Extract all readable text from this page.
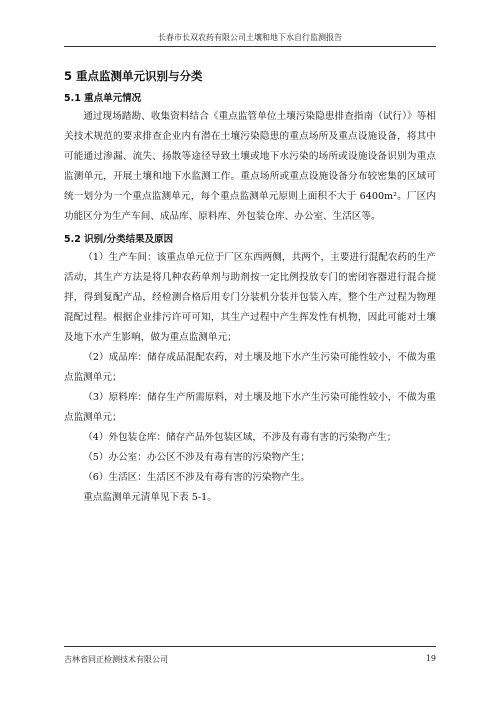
长春市长双农药有限公司土壤和地下水自行监测报告
5 重点监测单元识别与分类
5.1 重点单元情况

通过现场踏勘、收集资料结合《重点监管单位土壤污染隐患排查指南（试行）》等相关技术规范的要求排查企业内有潜在土壤污染隐患的重点场所及重点设施设备，将其中可能通过渗漏、流失、扬散等途径导致土壤或地下水污染的场所或设施设备识别为重点监测单元，开展土壤和地下水监测工作。重点场所或重点设施设备分布较密集的区域可统一划分为一个重点监测单元，每个重点监测单元原则上面积不大于 6400m²。厂区内功能区分为生产车间、成品库、原料库、外包装仓库、办公室、生活区等。

5.2 识别/分类结果及原因

（1）生产车间：该重点单元位于厂区东西两侧，共两个，主要进行混配农药的生产活动，其生产方法是将几种农药单剂与助剂按一定比例投放专门的密闭容器进行混合搅拌，得到复配产品，经检测合格后用专门分装机分装并包装入库，整个生产过程为物理混配过程。根据企业排污许可可知，其生产过程中产生挥发性有机物，因此可能对土壤及地下水产生影响，做为重点监测单元；

（2）成品库：储存成品混配农药，对土壤及地下水产生污染可能性较小，不做为重点监测单元；

（3）原料库：储存生产所需原料，对土壤及地下水产生污染可能性较小，不做为重点监测单元；

（4）外包装仓库：储存产品外包装区域，不涉及有毒有害的污染物产生；

（5）办公室：办公区不涉及有毒有害的污染物产生；

（6）生活区：生活区不涉及有毒有害的污染物产生。

重点监测单元清单见下表 5-1。

吉林省同正检测技术有限公司	19
